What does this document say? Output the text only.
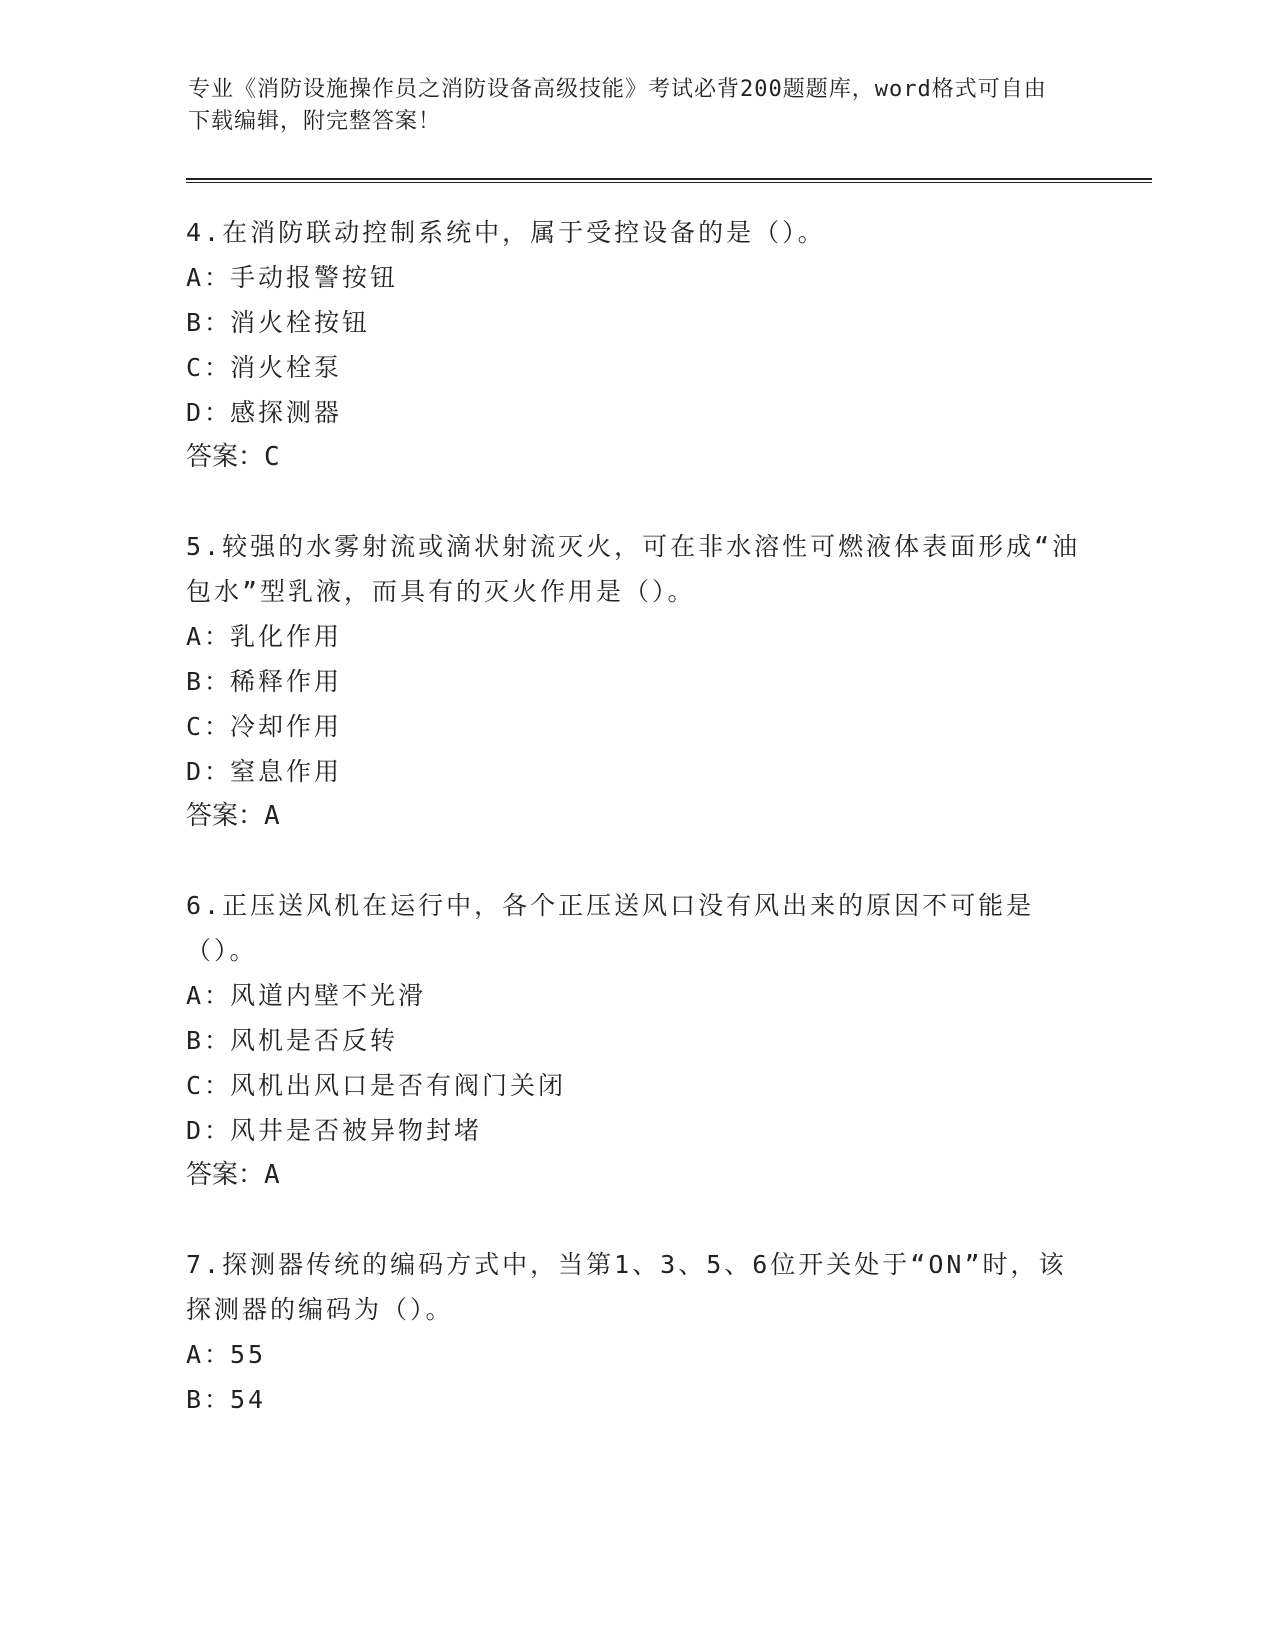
专业《消防设施操作员之消防设备高级技能》考试必背200题题库，word格式可自由下载编辑，附完整答案！

4.在消防联动控制系统中，属于受控设备的是（）。

A：手动报警按钮

B：消火栓按钮

C：消火栓泵

D：感探测器

答案：C

5.较强的水雾射流或滴状射流灭火，可在非水溶性可燃液体表面形成“油包水”型乳液，而具有的灭火作用是（）。

A：乳化作用

B：稀释作用

C：冷却作用

D：窒息作用

答案：A

6.正压送风机在运行中，各个正压送风口没有风出来的原因不可能是（）。

A：风道内壁不光滑

B：风机是否反转

C：风机出风口是否有阀门关闭

D：风井是否被异物封堵

答案：A

7.探测器传统的编码方式中，当第1、3、5、6位开关处于“ON”时，该探测器的编码为（）。

A：55

B：54
